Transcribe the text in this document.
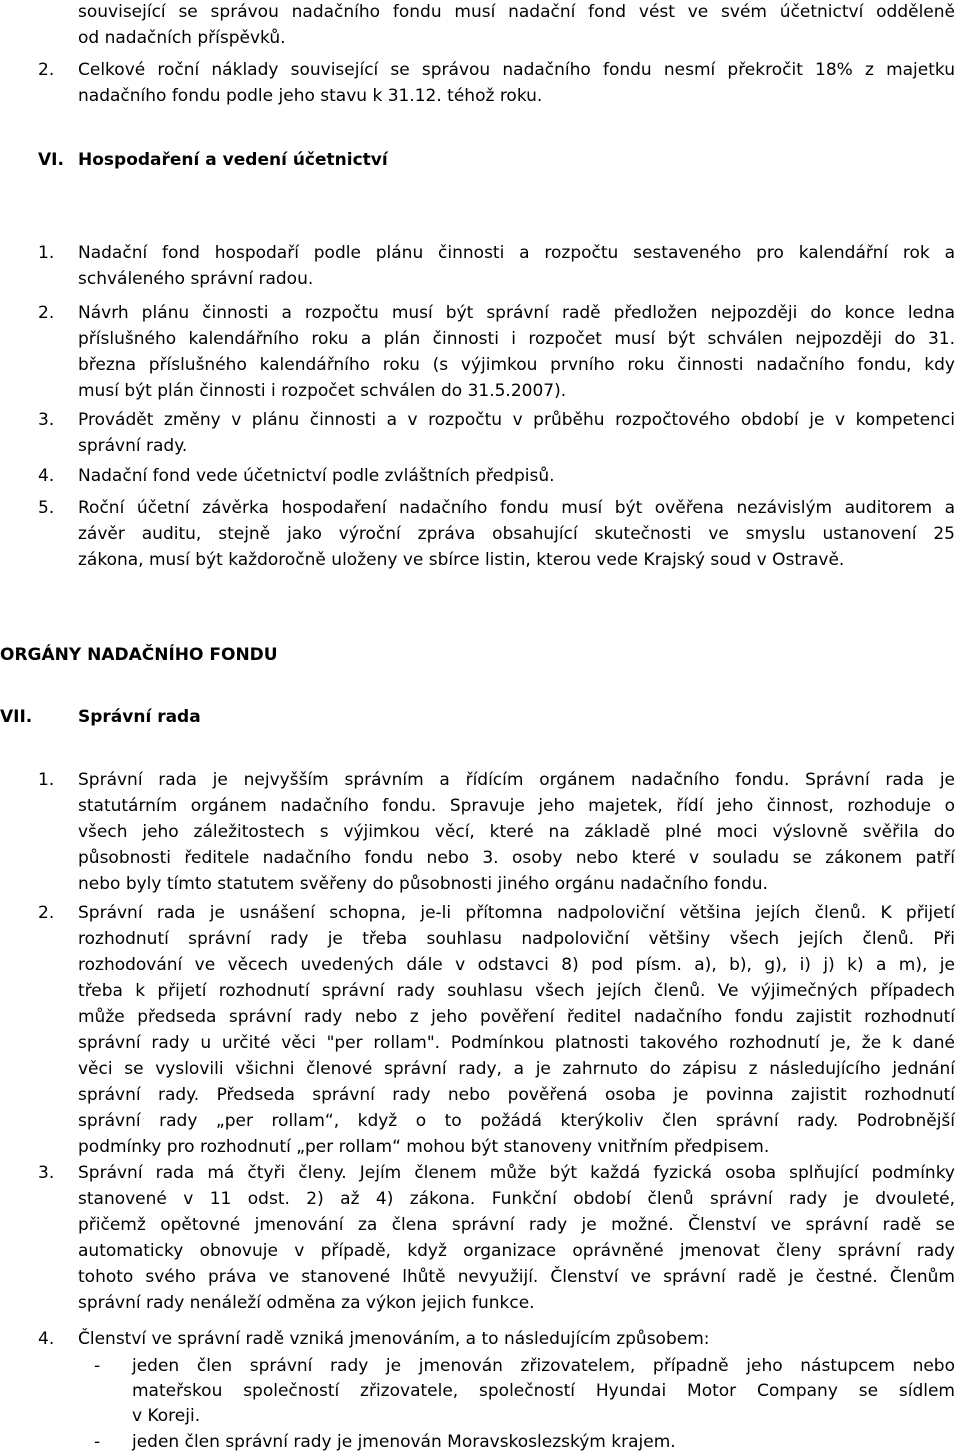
související se správou nadačního fondu musí nadační fond vést ve svém účetnictví odděleně
od nadačních příspěvků.
2. Celkové roční náklady související se správou nadačního fondu nesmí překročit 18% z majetku
nadačního fondu podle jeho stavu k 31.12. téhož roku.
VI. Hospodaření a vedení účetnictví
1. Nadační fond hospodaří podle plánu činnosti a rozpočtu sestaveného pro kalendářní rok a
schváleného správní radou.
2. Návrh plánu činnosti a rozpočtu musí být správní radě předložen nejpozději do konce ledna
příslušného kalendářního roku a plán činnosti i rozpočet musí být schválen nejpozději do 31.
března příslušného kalendářního roku (s výjimkou prvního roku činnosti nadačního fondu, kdy
musí být plán činnosti i rozpočet schválen do 31.5.2007).
3. Provádět změny v plánu činnosti a v rozpočtu v průběhu rozpočtového období je v kompetenci
správní rady.
4. Nadační fond vede účetnictví podle zvláštních předpisů.
5. Roční účetní závěrka hospodaření nadačního fondu musí být ověřena nezávislým auditorem a
závěr auditu, stejně jako výroční zpráva obsahující skutečnosti ve smyslu ustanovení 25
zákona, musí být každoročně uloženy ve sbírce listin, kterou vede Krajský soud v Ostravě.
ORGÁNY NADAČNÍHO FONDU
VII.	Správní rada
1. Správní rada je nejvyšším správním a řídícím orgánem nadačního fondu. Správní rada je
statutárním orgánem nadačního fondu. Spravuje jeho majetek, řídí jeho činnost, rozhoduje o
všech jeho záležitostech s výjimkou věcí, které na základě plné moci výslovně svěřila do
působnosti ředitele nadačního fondu nebo 3. osoby nebo které v souladu se zákonem patří
nebo byly tímto statutem svěřeny do působnosti jiného orgánu nadačního fondu.
2. Správní rada je usnášení schopna, je-li přítomna nadpoloviční většina jejích členů. K přijetí
rozhodnutí správní rady je třeba souhlasu nadpoloviční většiny všech jejích členů. Při
rozhodování ve věcech uvedených dále v odstavci 8) pod písm. a), b), g), i) j) k) a m), je
třeba k přijetí rozhodnutí správní rady souhlasu všech jejích členů. Ve výjimečných případech
může předseda správní rady nebo z jeho pověření ředitel nadačního fondu zajistit rozhodnutí
správní rady u určité věci "per rollam". Podmínkou platnosti takového rozhodnutí je, že k dané
věci se vyslovili všichni členové správní rady, a je zahrnuto do zápisu z následujícího jednání
správní rady. Předseda správní rady nebo pověřená osoba je povinna zajistit rozhodnutí
správní rady „per rollam“, když o to požádá kterýkoliv člen správní rady. Podrobnější
podmínky pro rozhodnutí „per rollam“ mohou být stanoveny vnitřním předpisem.
3. Správní rada má čtyři členy. Jejím členem může být každá fyzická osoba splňující podmínky
stanovené v 11 odst. 2) až 4) zákona. Funkční období členů správní rady je dvouleté,
přičemž opětovné jmenování za člena správní rady je možné. Členství ve správní radě se
automaticky obnovuje v případě, když organizace oprávněné jmenovat členy správní rady
tohoto svého práva ve stanovené lhůtě nevyužijí. Členství ve správní radě je čestné. Členům
správní rady nenáleží odměna za výkon jejich funkce.
4. Členství ve správní radě vzniká jmenováním, a to následujícím způsobem:
- jeden člen správní rady je jmenován zřizovatelem, případně jeho nástupcem nebo
mateřskou společností zřizovatele, společností Hyundai Motor Company se sídlem
v Koreji.
- jeden člen správní rady je jmenován Moravskoslezským krajem.
